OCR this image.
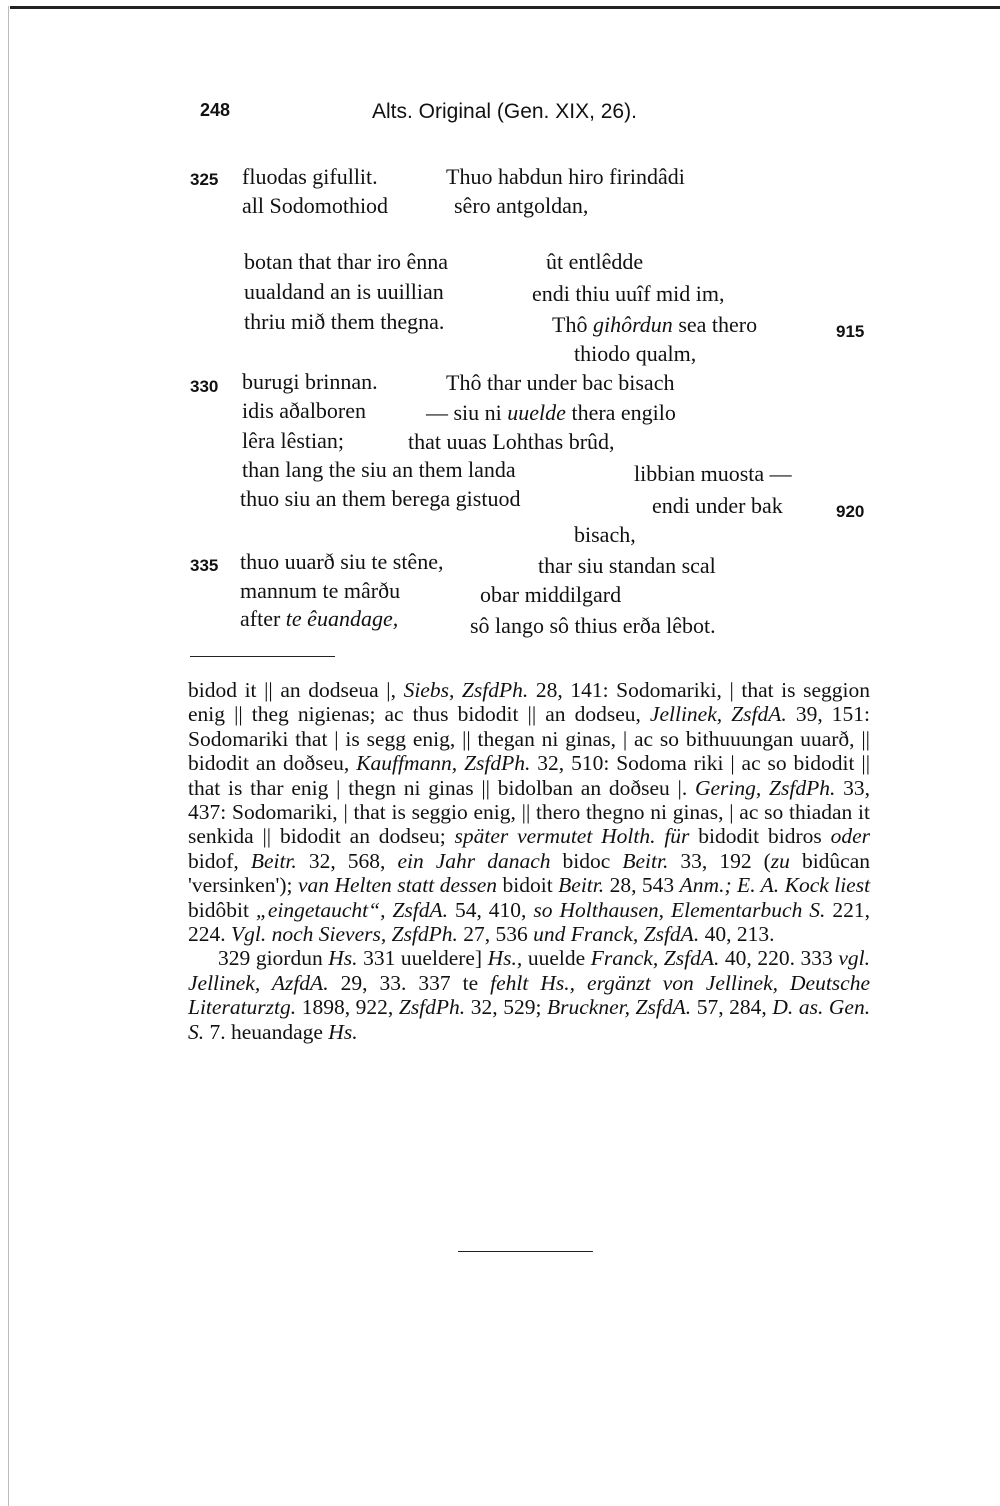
248	Alts. Original (Gen. XIX, 26).
325 fluodas gifullit.	Thuo habdun hiro firindâdi
all Sodomothiod	sêro antgoldan,
botan that thar iro ênna	ût entlêdde
uualdand an is uuillian	endi thiu uuîf mid im,
thriu mið them thegna.	Thô gihôrdun sea thero	915
thiodo qualm,
330 burugi brinnan.	Thô thar under bac bisach
idis aðalboren	— siu ni uuelde thera engilo
lêra lêstian;	that uuas Lohthas brûd,
than lang the siu an them landa	libbian muosta —
thuo siu an them berega gistuod	endi under bak	920
bisach,
335 thuo uuarð siu te stêne,	thar siu standan scal
mannum te mârðu	obar middilgard
after te êuandage,	sô lango sô thius erða lêbot.

bidod it || an dodseua |, Siebs, ZsfdPh. 28, 141: Sodomariki, | that is seggion enig || theg nigienas; ac thus bidodit || an dodseu, Jellinek, ZsfdA. 39, 151: Sodomariki that | is segg enig, || thegan ni ginas, | ac so bithuuungan uuarð, || bidodit an doðseu, Kauffmann, ZsfdPh. 32, 510: Sodoma riki | ac so bidodit || that is thar enig | thegn ni ginas || bidolban an doðseu |. Gering, ZsfdPh. 33, 437: Sodomariki, | that is seggio enig, || thero thegno ni ginas, | ac so thiadan it senkida || bidodit an dodseu; später vermutet Holth. für bidodit bidros oder bidof, Beitr. 32, 568, ein Jahr danach bidoc Beitr. 33, 192 (zu bidûcan 'versinken'); van Helten statt dessen bidoit Beitr. 28, 543 Anm.; E. A. Kock liest bidôbit „eingetaucht“, ZsfdA. 54, 410, so Holthausen, Elementarbuch S. 221, 224. Vgl. noch Sievers, ZsfdPh. 27, 536 und Franck, ZsfdA. 40, 213.

329 giordun Hs. 331 uueldere] Hs., uuelde Franck, ZsfdA. 40, 220. 333 vgl. Jellinek, AzfdA. 29, 33. 337 te fehlt Hs., ergänzt von Jellinek, Deutsche Literaturztg. 1898, 922, ZsfdPh. 32, 529; Bruckner, ZsfdA. 57, 284, D. as. Gen. S. 7. heuandage Hs.
